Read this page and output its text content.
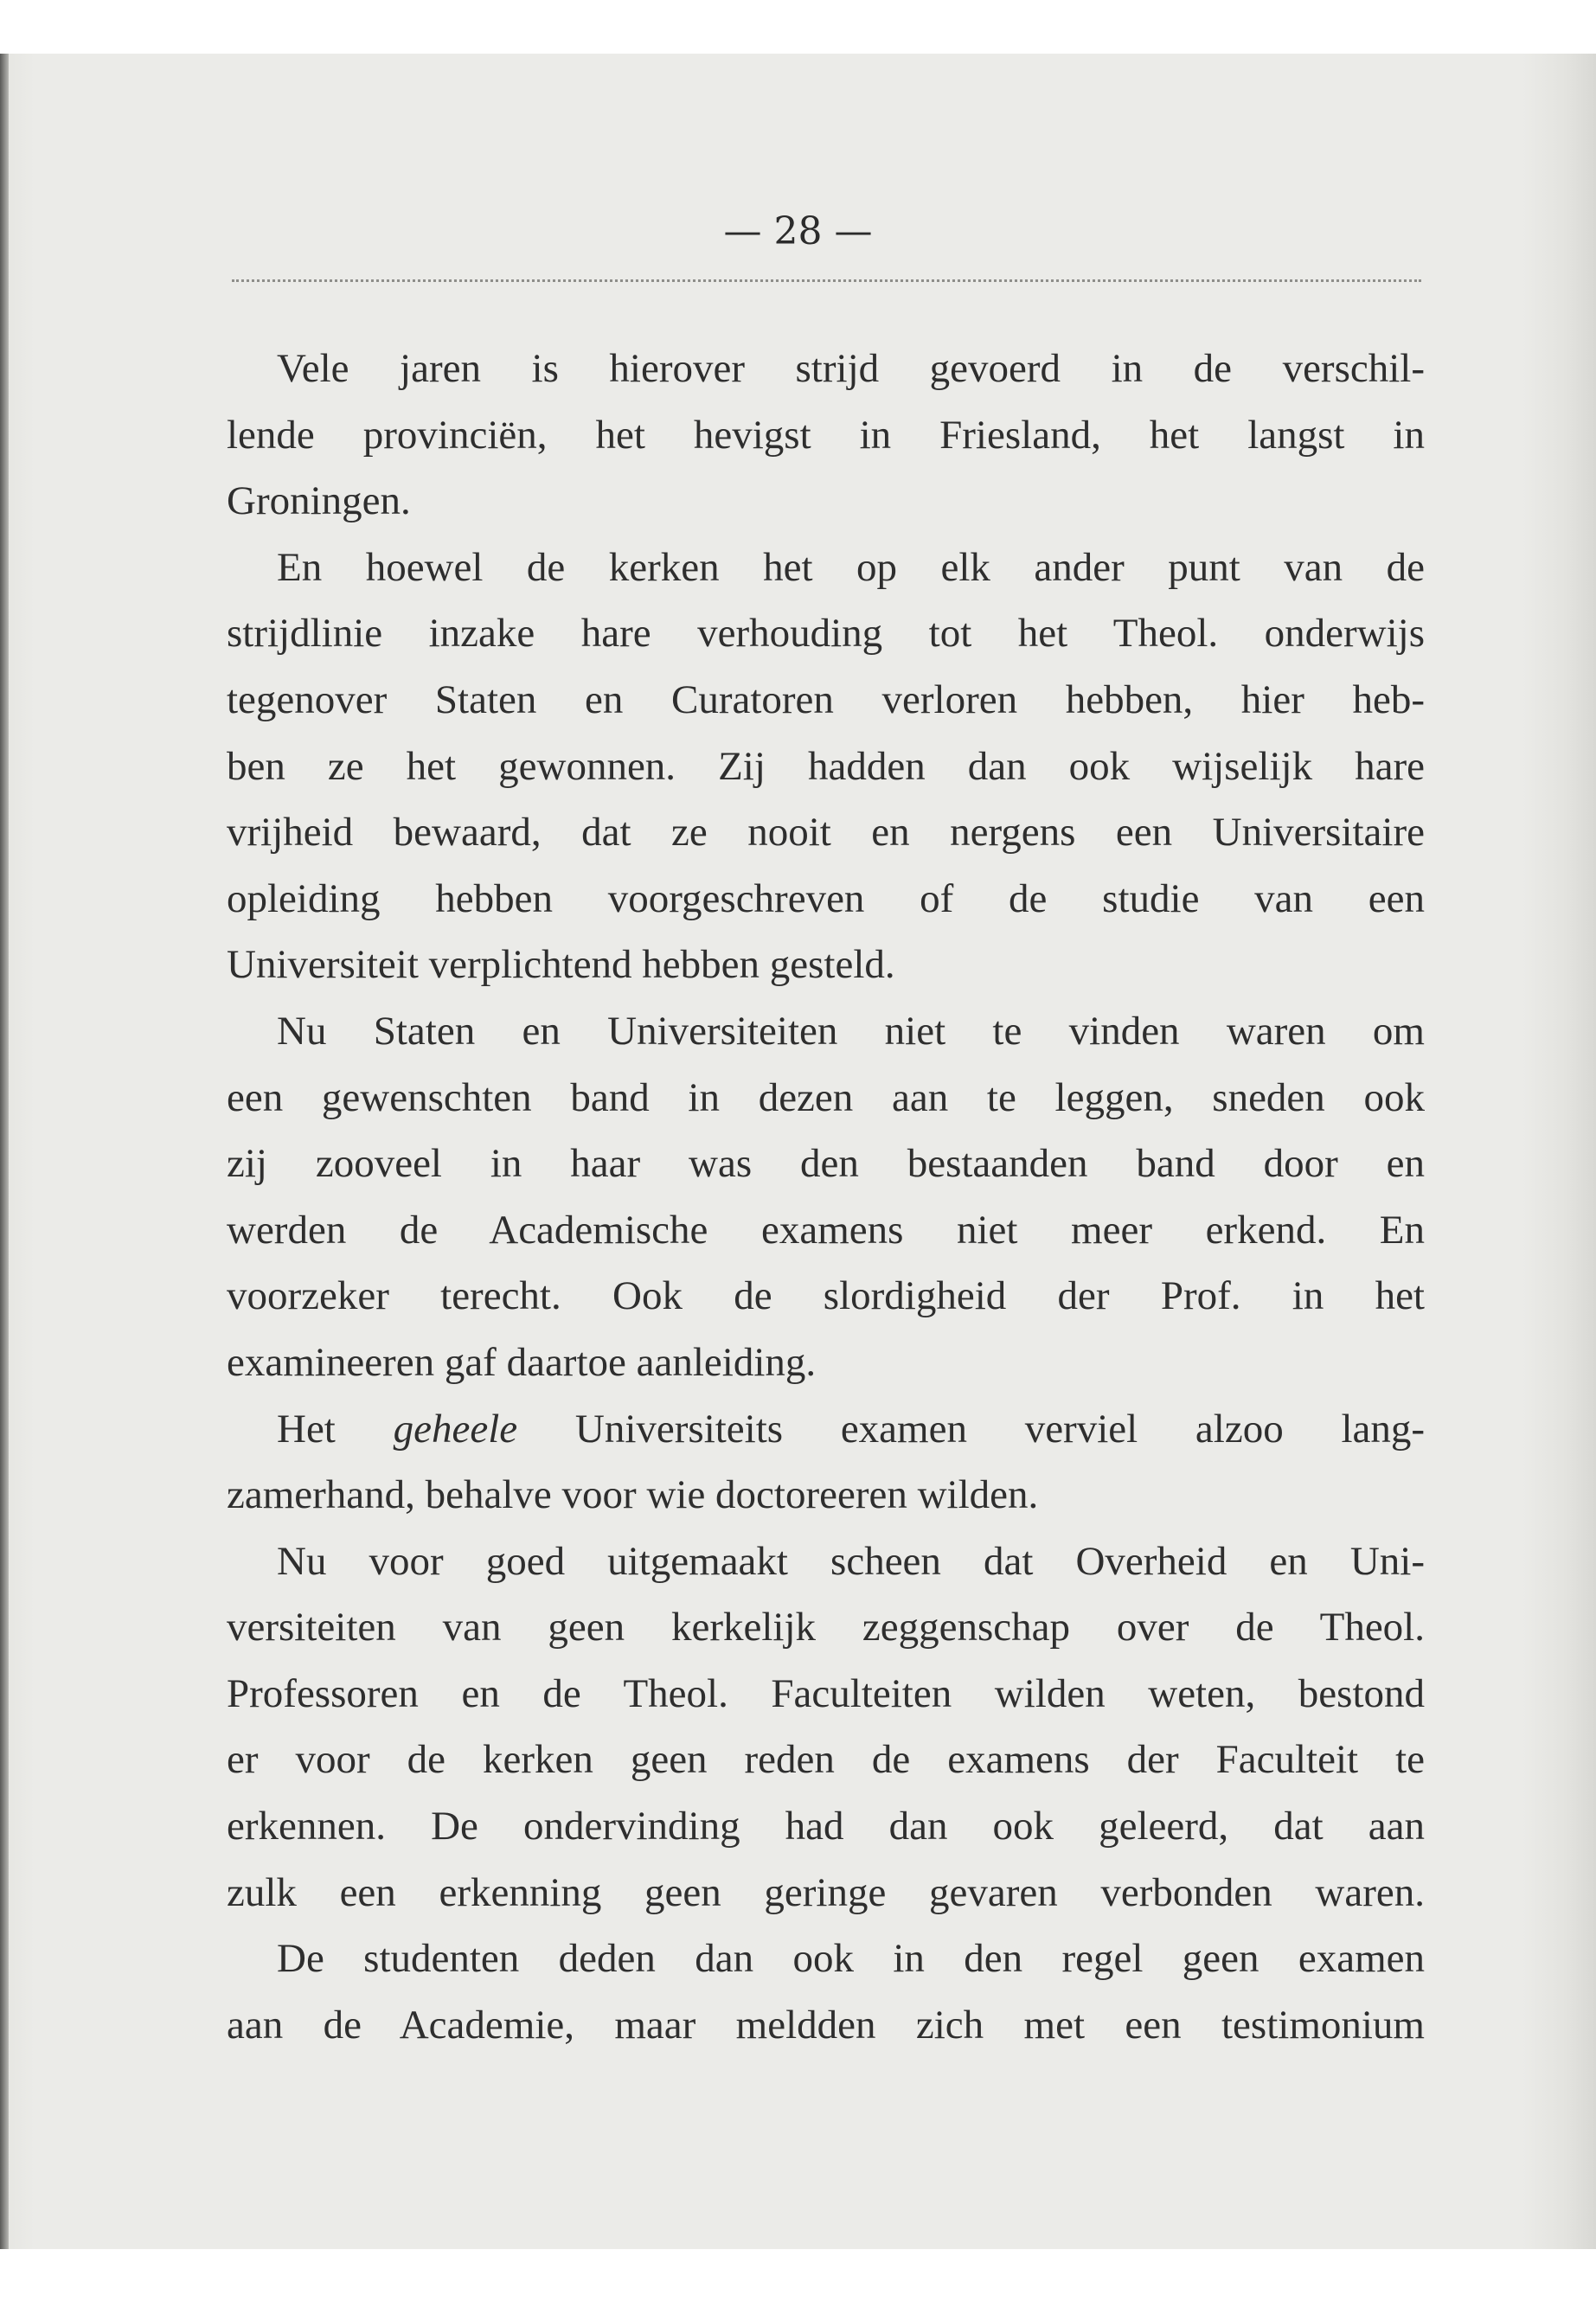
— 28 —
Vele jaren is hierover strijd gevoerd in de verschil-
lende provinciën, het hevigst in Friesland, het langst in
Groningen.
En hoewel de kerken het op elk ander punt van de
strijdlinie inzake hare verhouding tot het Theol. onderwijs
tegenover Staten en Curatoren verloren hebben, hier heb-
ben ze het gewonnen. Zij hadden dan ook wijselijk hare
vrijheid bewaard, dat ze nooit en nergens een Universitaire
opleiding hebben voorgeschreven of de studie van een
Universiteit verplichtend hebben gesteld.
Nu Staten en Universiteiten niet te vinden waren om
een gewenschten band in dezen aan te leggen, sneden ook
zij zooveel in haar was den bestaanden band door en
werden de Academische examens niet meer erkend. En
voorzeker terecht. Ook de slordigheid der Prof. in het
examineeren gaf daartoe aanleiding.
Het geheele Universiteits examen verviel alzoo lang-
zamerhand, behalve voor wie doctoreeren wilden.
Nu voor goed uitgemaakt scheen dat Overheid en Uni-
versiteiten van geen kerkelijk zeggenschap over de Theol.
Professoren en de Theol. Faculteiten wilden weten, bestond
er voor de kerken geen reden de examens der Faculteit te
erkennen. De ondervinding had dan ook geleerd, dat aan
zulk een erkenning geen geringe gevaren verbonden waren.
De studenten deden dan ook in den regel geen examen
aan de Academie, maar meldden zich met een testimonium
